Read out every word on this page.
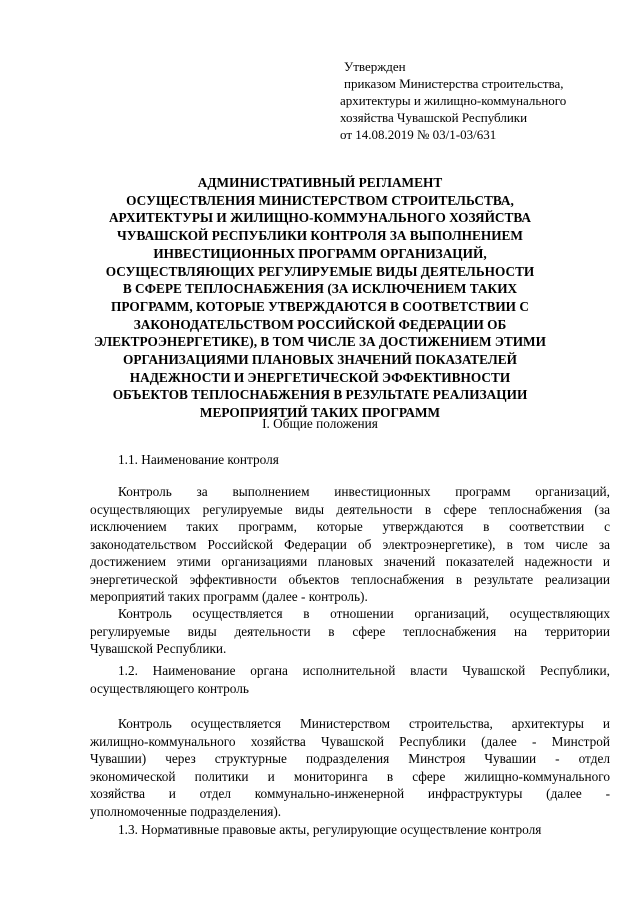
Утвержден
приказом Министерства строительства,
архитектуры и жилищно-коммунального
хозяйства Чувашской Республики
от 14.08.2019 № 03/1-03/631
АДМИНИСТРАТИВНЫЙ РЕГЛАМЕНТ
ОСУЩЕСТВЛЕНИЯ МИНИСТЕРСТВОМ СТРОИТЕЛЬСТВА,
АРХИТЕКТУРЫ И ЖИЛИЩНО-КОММУНАЛЬНОГО ХОЗЯЙСТВА
ЧУВАШСКОЙ РЕСПУБЛИКИ КОНТРОЛЯ ЗА ВЫПОЛНЕНИЕМ
ИНВЕСТИЦИОННЫХ ПРОГРАММ ОРГАНИЗАЦИЙ,
ОСУЩЕСТВЛЯЮЩИХ РЕГУЛИРУЕМЫЕ ВИДЫ ДЕЯТЕЛЬНОСТИ
В СФЕРЕ ТЕПЛОСНАБЖЕНИЯ (ЗА ИСКЛЮЧЕНИЕМ ТАКИХ
ПРОГРАММ, КОТОРЫЕ УТВЕРЖДАЮТСЯ В СООТВЕТСТВИИ С
ЗАКОНОДАТЕЛЬСТВОМ РОССИЙСКОЙ ФЕДЕРАЦИИ ОБ
ЭЛЕКТРОЭНЕРГЕТИКЕ), В ТОМ ЧИСЛЕ ЗА ДОСТИЖЕНИЕМ ЭТИМИ
ОРГАНИЗАЦИЯМИ ПЛАНОВЫХ ЗНАЧЕНИЙ ПОКАЗАТЕЛЕЙ
НАДЕЖНОСТИ И ЭНЕРГЕТИЧЕСКОЙ ЭФФЕКТИВНОСТИ
ОБЪЕКТОВ ТЕПЛОСНАБЖЕНИЯ В РЕЗУЛЬТАТЕ РЕАЛИЗАЦИИ
МЕРОПРИЯТИЙ ТАКИХ ПРОГРАММ
I. Общие положения
1.1. Наименование контроля
Контроль за выполнением инвестиционных программ организаций,
осуществляющих регулируемые виды деятельности в сфере теплоснабжения (за
исключением таких программ, которые утверждаются в соответствии с
законодательством Российской Федерации об электроэнергетике), в том числе за
достижением этими организациями плановых значений показателей надежности и
энергетической эффективности объектов теплоснабжения в результате реализации
мероприятий таких программ (далее - контроль).
Контроль осуществляется в отношении организаций, осуществляющих
регулируемые виды деятельности в сфере теплоснабжения на территории
Чувашской Республики.
1.2. Наименование органа исполнительной власти Чувашской Республики,
осуществляющего контроль
Контроль осуществляется Министерством строительства, архитектуры и
жилищно-коммунального хозяйства Чувашской Республики (далее - Минстрой
Чувашии) через структурные подразделения Минстроя Чувашии - отдел
экономической политики и мониторинга в сфере жилищно-коммунального
хозяйства и отдел коммунально-инженерной инфраструктуры (далее -
уполномоченные подразделения).
1.3. Нормативные правовые акты, регулирующие осуществление контроля
